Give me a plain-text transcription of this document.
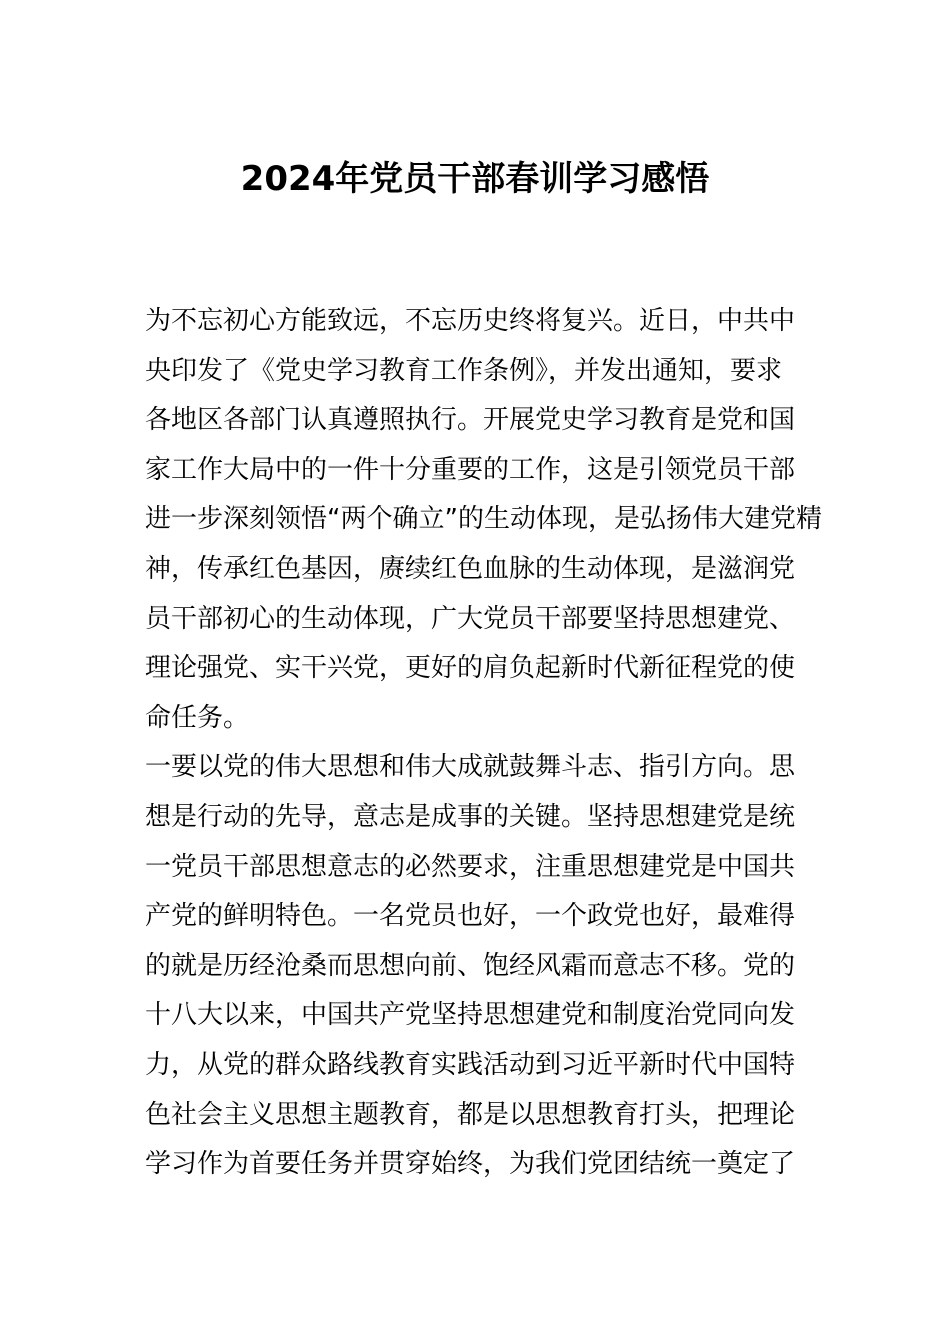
2024年党员干部春训学习感悟
为不忘初心方能致远，不忘历史终将复兴。近日，中共中
央印发了《党史学习教育工作条例》，并发出通知，要求
各地区各部门认真遵照执行。开展党史学习教育是党和国
家工作大局中的一件十分重要的工作，这是引领党员干部
进一步深刻领悟“两个确立”的生动体现，是弘扬伟大建党精
神，传承红色基因，赓续红色血脉的生动体现，是滋润党
员干部初心的生动体现，广大党员干部要坚持思想建党、
理论强党、实干兴党，更好的肩负起新时代新征程党的使
命任务。
一要以党的伟大思想和伟大成就鼓舞斗志、指引方向。思
想是行动的先导，意志是成事的关键。坚持思想建党是统
一党员干部思想意志的必然要求，注重思想建党是中国共
产党的鲜明特色。一名党员也好，一个政党也好，最难得
的就是历经沧桑而思想向前、饱经风霜而意志不移。党的
十八大以来，中国共产党坚持思想建党和制度治党同向发
力，从党的群众路线教育实践活动到习近平新时代中国特
色社会主义思想主题教育，都是以思想教育打头，把理论
学习作为首要任务并贯穿始终，为我们党团结统一奠定了
